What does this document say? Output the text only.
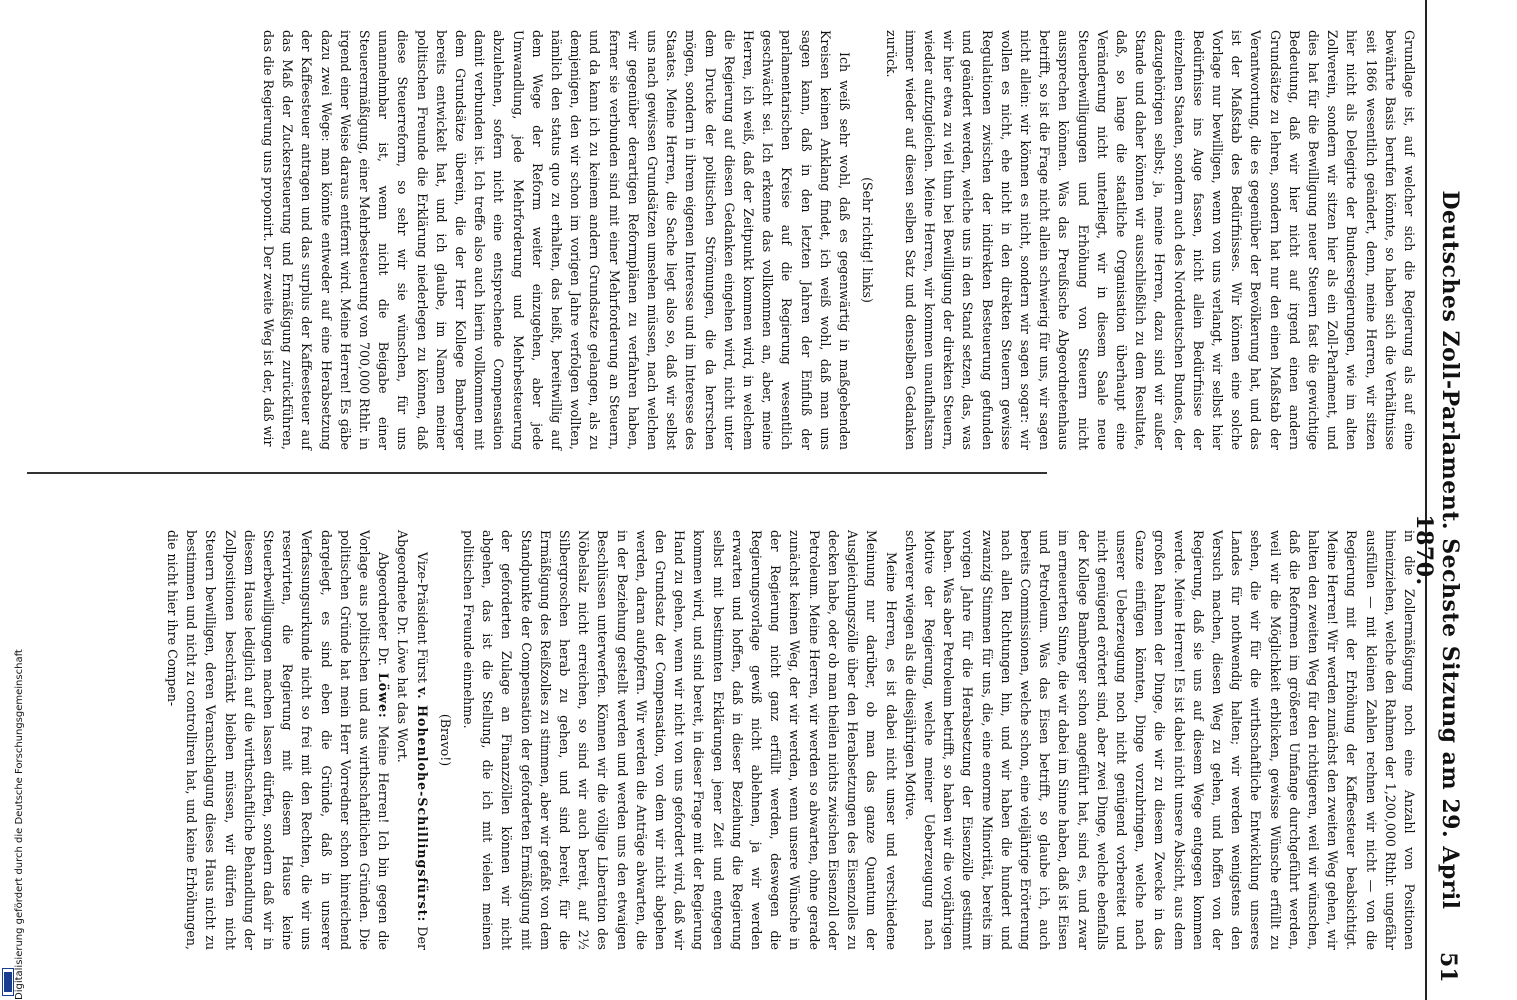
Deutsches Zoll-Parlament. Sechste Sitzung am 29. April 1870.
51

Grundlage ist, auf welcher sich die Regierung als auf eine bewährte Basis berufen könnte, so haben sich die Verhältnisse seit 1866 wesentlich geändert, denn, meine Herren, wir sitzen hier nicht als Delegirte der Bundesregierungen, wie im alten Zollverein, sondern wir sitzen hier als ein Zoll-Parlament, und dies hat für die Bewilligung neuer Steuern fast die gewichtige Bedeutung, daß wir hier nicht auf irgend einen andern Grundsätze zu lehren, sondern hat nur den einen Maßstab der Verantwortung, die es gegenüber der Bevölkerung hat, und das ist der Maßstab des Bedürfnisses. Wir können eine solche Vorlage nur bewilligen, wenn von uns verlangt, wir selbst hier Bedürfnisse ins Auge fassen, nicht allein Bedürfnisse der einzelnen Staaten, sondern auch des Norddeutschen Bundes, der dazugehörigen selbst; ja, meine Herren, dazu sind wir außer Stande und daher können wir ausschließlich zu dem Resultate, daß, so lange die staatliche Organisation überhaupt eine Veränderung nicht unterliegt, wir in diesem Saale neue Steuerbewilligungen und Erhöhung von Steuern nicht aussprechen können. Was das Preußische Abgeordnetenhaus betrifft, so ist die Frage nicht allein schwierig für uns, wir sagen nicht allein: wir können es nicht, sondern wir sagen sogar: wir wollen es nicht, ehe nicht in den direkten Steuern gewisse Regulationen zwischen der indirekten Besteuerung gefunden und geändert werden, welche uns in den Stand setzen, das, was wir hier etwa zu viel thun bei Bewilligung der direkten Steuern, wieder aufzugleichen. Meine Herren, wir kommen unaufhaltsam immer wieder auf diesen selben Satz und denselben Gedanken zurück.

(Sehr richtig! links)

Ich weiß sehr wohl, daß es gegenwärtig in maßgebenden Kreisen keinen Anklang findet, ich weiß wohl, daß man uns sagen kann, daß in den letzten Jahren der Einfluß der parlamentarischen Kreise auf die Regierung wesentlich geschwächt sei. Ich erkenne das vollkommen an, aber, meine Herren, ich weiß, daß der Zeitpunkt kommen wird, in welchem die Regierung auf diesen Gedanken eingehen wird, nicht unter dem Drucke der politischen Strömungen, die da herrschen mögen, sondern in ihrem eigenen Interesse und im Interesse des Staates. Meine Herren, die Sache liegt also so, daß wir selbst uns nach gewissen Grundsätzen umsehen müssen, nach welchen wir gegenüber derartigen Reformplänen zu verfahren haben, ferner sie verbunden sind mit einer Mehrforderung an Steuern, und da kann ich zu keinem andern Grundsatze gelangen, als zu demjenigen, den wir schon im vorigen Jahre verfolgen wollten, nämlich den status quo zu erhalten, das heißt, bereitwillig auf dem Wege der Reform weiter einzugehen, aber jede Umwandlung, jede Mehrforderung und Mehrbesteuerung abzulehnen, sofern nicht eine entsprechende Compensation damit verbunden ist. Ich treffe also auch hierin vollkommen mit dem Grundsätze überein, die der Herr Kollege Bamberger bereits entwickelt hat, und ich glaube, im Namen meiner politischen Freunde die Erklärung niederlegen zu können, daß diese Steuerreform, so sehr wir sie wünschen, für uns unannehmbar ist, wenn nicht die Beigabe einer Steuerermäßigung, einer Mehrbesteuerung von 700,000 Rthlr. in irgend einer Weise daraus entfernt wird. Meine Herren! Es gäbe dazu zwei Wege: man könnte entweder auf eine Herabsetzung der Kaffeesteuer antragen und das surplus der Kaffeesteuer auf das Maß der Zuckersteuerung und Ermäßigung zurückführen, das die Regierung uns proponirt. Der zweite Weg ist der, daß wir

in die Zollermäßigung noch eine Anzahl von Positionen hineinziehen, welche den Rahmen der 1,200,000 Rthlr. ungefähr ausfüllen — mit kleinen Zahlen rechnen wir nicht — von die Regierung mit der Erhöhung der Kaffeesteuer beabsichtigt. Meine Herren! Wir werden zunächst den zweiten Weg gehen, wir halten den zweiten Weg für den richtigeren, weil wir wünschen, daß die Reformen im größeren Umfange durchgeführt werden, weil wir die Möglichkeit erblicken, gewisse Wünsche erfüllt zu sehen, die wir für die wirthschaftliche Entwicklung unseres Landes für nothwendig halten; wir werden wenigstens den Versuch machen, diesen Weg zu gehen, und hoffen von der Regierung, daß sie uns auf diesem Wege entgegen kommen werde. Meine Herren! Es ist dabei nicht unsere Absicht, aus dem großen Rahmen der Dinge, die wir zu diesem Zwecke in das Ganze einfügen könnten, Dinge vorzubringen, welche nach unserer Ueberzeugung noch nicht genügend vorbereitet und nicht genügend erörtert sind, aber zwei Dinge, welche ebenfalls der Kollege Bamberger schon angeführt hat, sind es, und zwar im erneuerten Sinne, die wir dabei im Sinne haben, daß ist Eisen und Petroleum. Was das Eisen betrifft, so glaube ich, auch bereits Commissionen, welche schon, eine vieljährige Erörterung nach allen Richtungen hin, und wir haben die hundert und zwanzig Stimmen für uns, die, eine enorme Minorität, bereits im vorigen Jahre für die Herabsetzung der Eisenzölle gestimmt haben. Was aber Petroleum betrifft, so haben wir die vorjährigen Motive der Regierung, welche meiner Ueberzeugung nach schwerer wiegen als die diesjährigen Motive.

Meine Herren, es ist dabei nicht unser und verschiedene Meinung nur darüber, ob man das ganze Quantum der Ausgleichungszölle über den Herabsetzungen des Eisenzolles zu decken habe, oder ob man theilen nichts zwischen Eisenzoll oder Petroleum. Meine Herren, wir werden so abwarten, ohne gerade zunächst keinen Weg, der wir werden, wenn unsere Wünsche in der Regierung nicht ganz erfüllt werden, deswegen die Regierungsvorlage gewiß nicht ablehnen, ja wir werden erwarten und hoffen, daß in dieser Beziehung die Regierung selbst mit bestimmten Erklärungen jener Zeit und entgegen kommen wird, und sind bereit, in dieser Frage mit der Regierung Hand zu gehen, wenn wir nicht von uns gefordert wird, daß wir den Grundsatz der Compensation, von dem wir nicht abgehen werden, daran aufopfern. Wir werden die Anträge abwarten, die in der Beziehung gestellt werden und werden uns den etwaigen Beschlüssen unterwerfen. Können wir die völlige Liberation des Nöbelsalz nicht erreichen, so sind wir auch bereit, auf 2½ Silbergroschen herab zu gehen, und sind bereit, für die Ermäßigung des Reißzolles zu stimmen, aber wir gefaßt von dem Standpunkte der Compensation der geforderten Ermäßigung mit der geforderten Zulage an Finanzzöllen können wir nicht abgehen, das ist die Stellung, die ich mit vielen meinen politischen Freunde einnehme.

(Bravo!)

Vize-Präsident Fürst v. Hohenlohe-Schillingsfürst: Der Abgeordnete Dr. Löwe hat das Wort.

Abgeordneter Dr. Löwe: Meine Herren! Ich bin gegen die Vorlage aus politischen und aus wirthschaftlichen Gründen. Die politischen Gründe hat mein Herr Vorredner schon hinreichend dargelegt, es sind eben die Gründe, daß in unserer Verfassungsurkunde nicht so frei mit den Rechten, die wir uns reservirten, die Regierung mit diesem Hause keine Steuerbewilligungen machen lassen dürfen, sondern daß wir in diesem Hause lediglich auf die wirthschaftliche Behandlung der Zollpositionen beschränkt bleiben müssen, wir dürfen nicht Steuern bewilligen, deren Veranschlagung dieses Haus nicht zu bestimmen und nicht zu controlliren hat, und keine Erhöhungen, die nicht hier ihre Compen-

Digitalisierung gefördert durch die Deutsche Forschungsgemeinschaft
